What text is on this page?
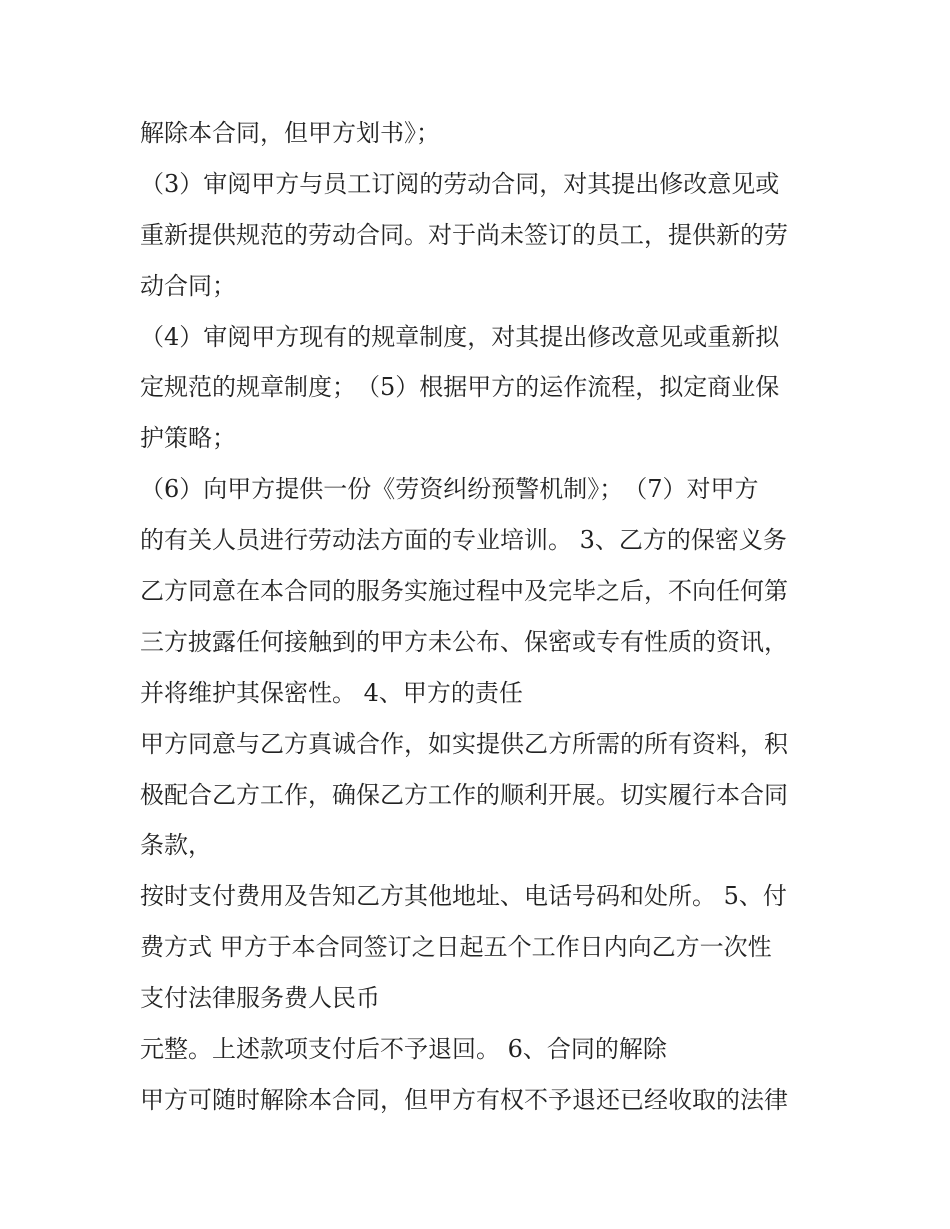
解除本合同，但甲方划书》；
（3）审阅甲方与员工订阅的劳动合同，对其提出修改意见或
重新提供规范的劳动合同。对于尚未签订的员工，提供新的劳
动合同；
（4）审阅甲方现有的规章制度，对其提出修改意见或重新拟
定规范的规章制度；　（5）根据甲方的运作流程，拟定商业保
护策略；
（6）向甲方提供一份《劳资纠纷预警机制》；　（7）对甲方
的有关人员进行劳动法方面的专业培训。 3、乙方的保密义务
乙方同意在本合同的服务实施过程中及完毕之后，不向任何第
三方披露任何接触到的甲方未公布、保密或专有性质的资讯，
并将维护其保密性。 4、甲方的责任
甲方同意与乙方真诚合作，如实提供乙方所需的所有资料，积
极配合乙方工作，确保乙方工作的顺利开展。切实履行本合同
条款，
按时支付费用及告知乙方其他地址、电话号码和处所。 5、付
费方式 甲方于本合同签订之日起五个工作日内向乙方一次性
支付法律服务费人民币
元整。上述款项支付后不予退回。 6、合同的解除
甲方可随时解除本合同，但甲方有权不予退还已经收取的法律
